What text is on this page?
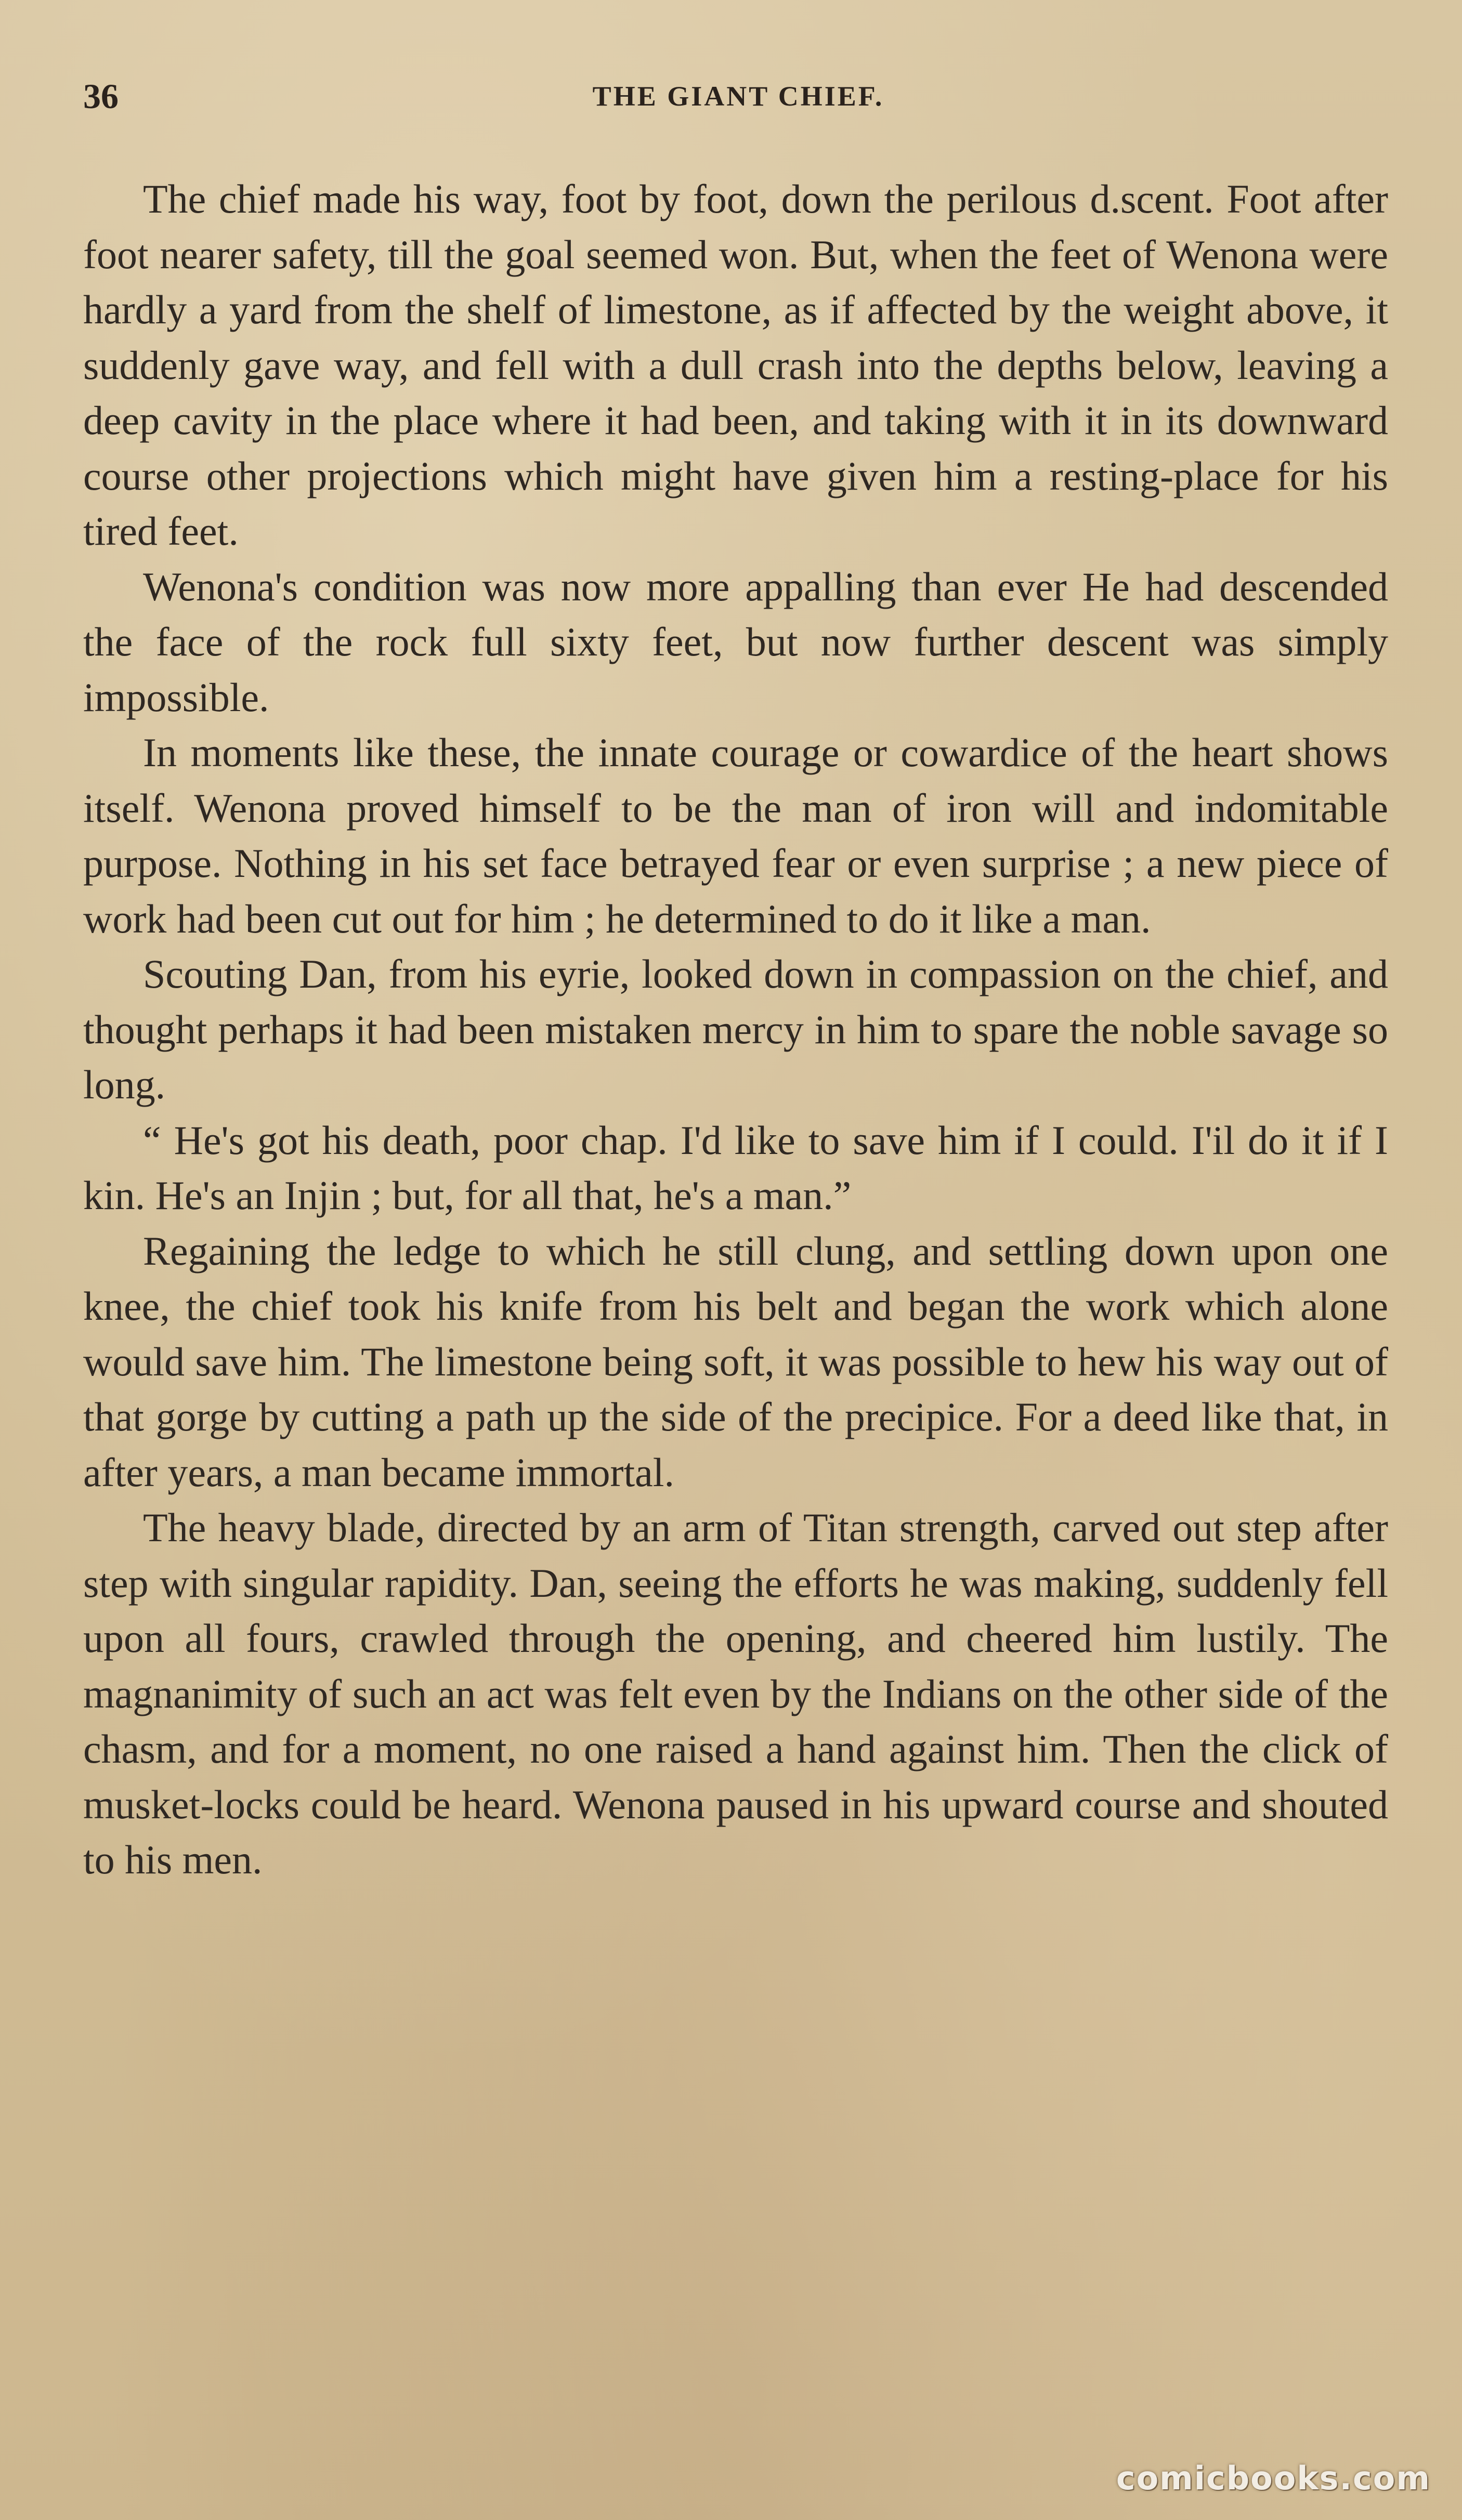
36	THE GIANT CHIEF.

The chief made his way, foot by foot, down the perilous d.scent. Foot after foot nearer safety, till the goal seemed won. But, when the feet of Wenona were hardly a yard from the shelf of limestone, as if affected by the weight above, it suddenly gave way, and fell with a dull crash into the depths below, leaving a deep cavity in the place where it had been, and taking with it in its downward course other projections which might have given him a resting-place for his tired feet.

Wenona's condition was now more appalling than ever He had descended the face of the rock full sixty feet, but now further descent was simply impossible.

In moments like these, the innate courage or cowardice of the heart shows itself. Wenona proved himself to be the man of iron will and indomitable purpose. Nothing in his set face betrayed fear or even surprise ; a new piece of work had been cut out for him ; he determined to do it like a man.

Scouting Dan, from his eyrie, looked down in compassion on the chief, and thought perhaps it had been mistaken mercy in him to spare the noble savage so long.

“ He's got his death, poor chap. I'd like to save him if I could. I'il do it if I kin. He's an Injin ; but, for all that, he's a man.”

Regaining the ledge to which he still clung, and settling down upon one knee, the chief took his knife from his belt and began the work which alone would save him. The limestone being soft, it was possible to hew his way out of that gorge by cutting a path up the side of the precipice. For a deed like that, in after years, a man became immortal.

The heavy blade, directed by an arm of Titan strength, carved out step after step with singular rapidity. Dan, seeing the efforts he was making, suddenly fell upon all fours, crawled through the opening, and cheered him lustily. The magnanimity of such an act was felt even by the Indians on the other side of the chasm, and for a moment, no one raised a hand against him. Then the click of musket-locks could be heard. Wenona paused in his upward course and shouted to his men.

comicbooks.com
